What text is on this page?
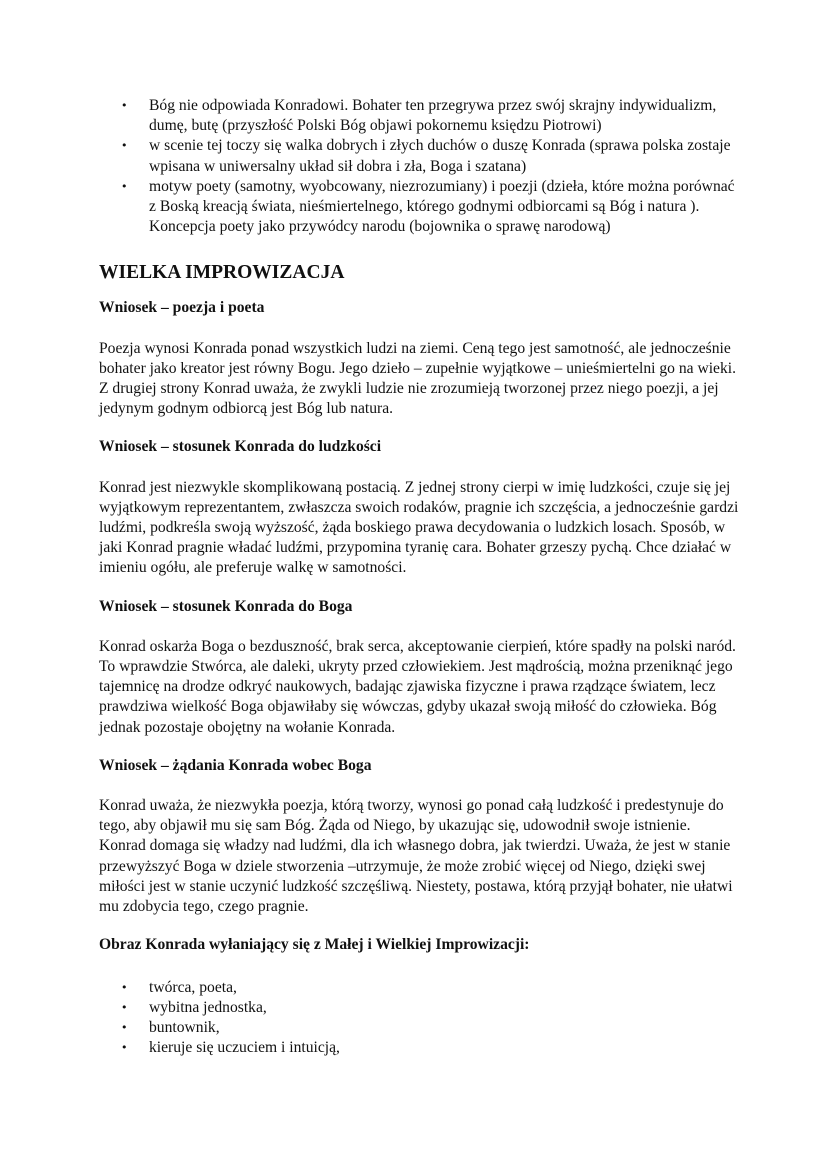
• Bóg nie odpowiada Konradowi. Bohater ten przegrywa przez swój skrajny indywidualizm, dumę, butę (przyszłość Polski Bóg objawi pokornemu księdzu Piotrowi)
• w scenie tej toczy się walka dobrych i złych duchów o duszę Konrada (sprawa polska zostaje wpisana w uniwersalny układ sił dobra i zła, Boga i szatana)
• motyw poety (samotny, wyobcowany, niezrozumiany) i poezji (dzieła, które można porównać z Boską kreacją świata, nieśmiertelnego, którego godnymi odbiorcami są Bóg i natura ). Koncepcja poety jako przywódcy narodu (bojownika o sprawę narodową)
WIELKA IMPROWIZACJA
Wniosek – poezja i poeta

Poezja wynosi Konrada ponad wszystkich ludzi na ziemi. Ceną tego jest samotność, ale jednocześnie bohater jako kreator jest równy Bogu. Jego dzieło – zupełnie wyjątkowe – unieśmiertelni go na wieki. Z drugiej strony Konrad uważa, że zwykli ludzie nie zrozumieją tworzonej przez niego poezji, a jej jedynym godnym odbiorcą jest Bóg lub natura.

Wniosek – stosunek Konrada do ludzkości

Konrad jest niezwykle skomplikowaną postacią. Z jednej strony cierpi w imię ludzkości, czuje się jej wyjątkowym reprezentantem, zwłaszcza swoich rodaków, pragnie ich szczęścia, a jednocześnie gardzi ludźmi, podkreśla swoją wyższość, żąda boskiego prawa decydowania o ludzkich losach. Sposób, w jaki Konrad pragnie władać ludźmi, przypomina tyranię cara. Bohater grzeszy pychą. Chce działać w imieniu ogółu, ale preferuje walkę w samotności.

Wniosek – stosunek Konrada do Boga

Konrad oskarża Boga o bezduszność, brak serca, akceptowanie cierpień, które spadły na polski naród. To wprawdzie Stwórca, ale daleki, ukryty przed człowiekiem. Jest mądrością, można przeniknąć jego tajemnicę na drodze odkryć naukowych, badając zjawiska fizyczne i prawa rządzące światem, lecz prawdziwa wielkość Boga objawiłaby się wówczas, gdyby ukazał swoją miłość do człowieka. Bóg jednak pozostaje obojętny na wołanie Konrada.

Wniosek – żądania Konrada wobec Boga

Konrad uważa, że niezwykła poezja, którą tworzy, wynosi go ponad całą ludzkość i predestynuje do tego, aby objawił mu się sam Bóg. Żąda od Niego, by ukazując się, udowodnił swoje istnienie. Konrad domaga się władzy nad ludźmi, dla ich własnego dobra, jak twierdzi. Uważa, że jest w stanie przewyższyć Boga w dziele stworzenia –utrzymuje, że może zrobić więcej od Niego, dzięki swej miłości jest w stanie uczynić ludzkość szczęśliwą. Niestety, postawa, którą przyjął bohater, nie ułatwi mu zdobycia tego, czego pragnie.

Obraz Konrada wyłaniający się z Małej i Wielkiej Improwizacji:
• twórca, poeta,
• wybitna jednostka,
• buntownik,
• kieruje się uczuciem i intuicją,
